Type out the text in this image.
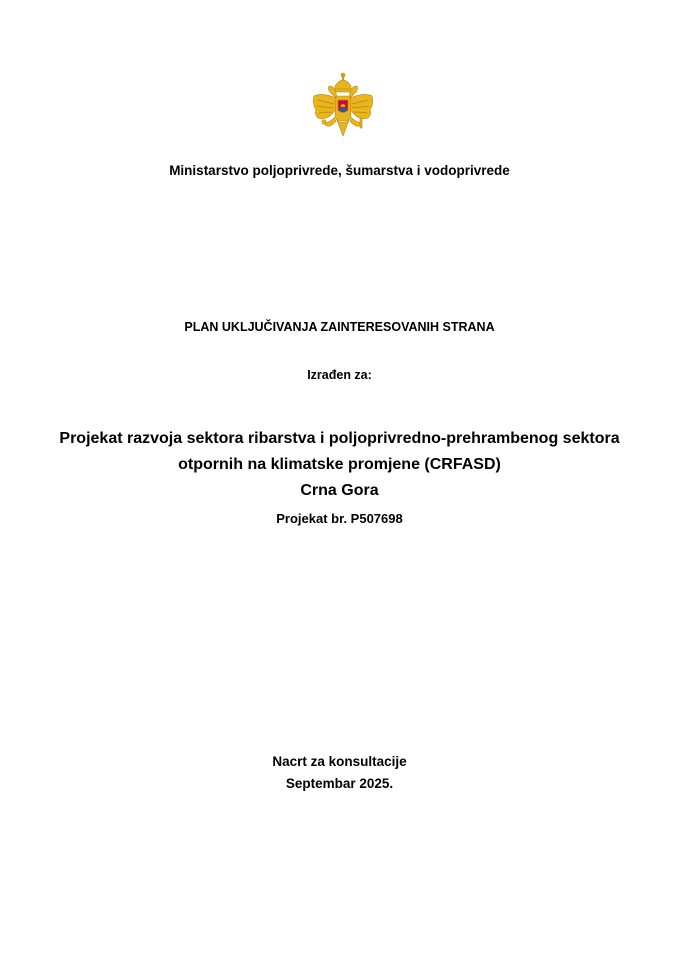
Ministarstvo poljoprivrede, šumarstva i vodoprivrede
PLAN UKLJUČIVANJA ZAINTERESOVANIH STRANA
Izrađen za:
Projekat razvoja sektora ribarstva i poljoprivredno-prehrambenog sektora
otpornih na klimatske promjene (CRFASD)
Crna Gora
Projekat br. P507698
Nacrt za konsultacije
Septembar 2025.
